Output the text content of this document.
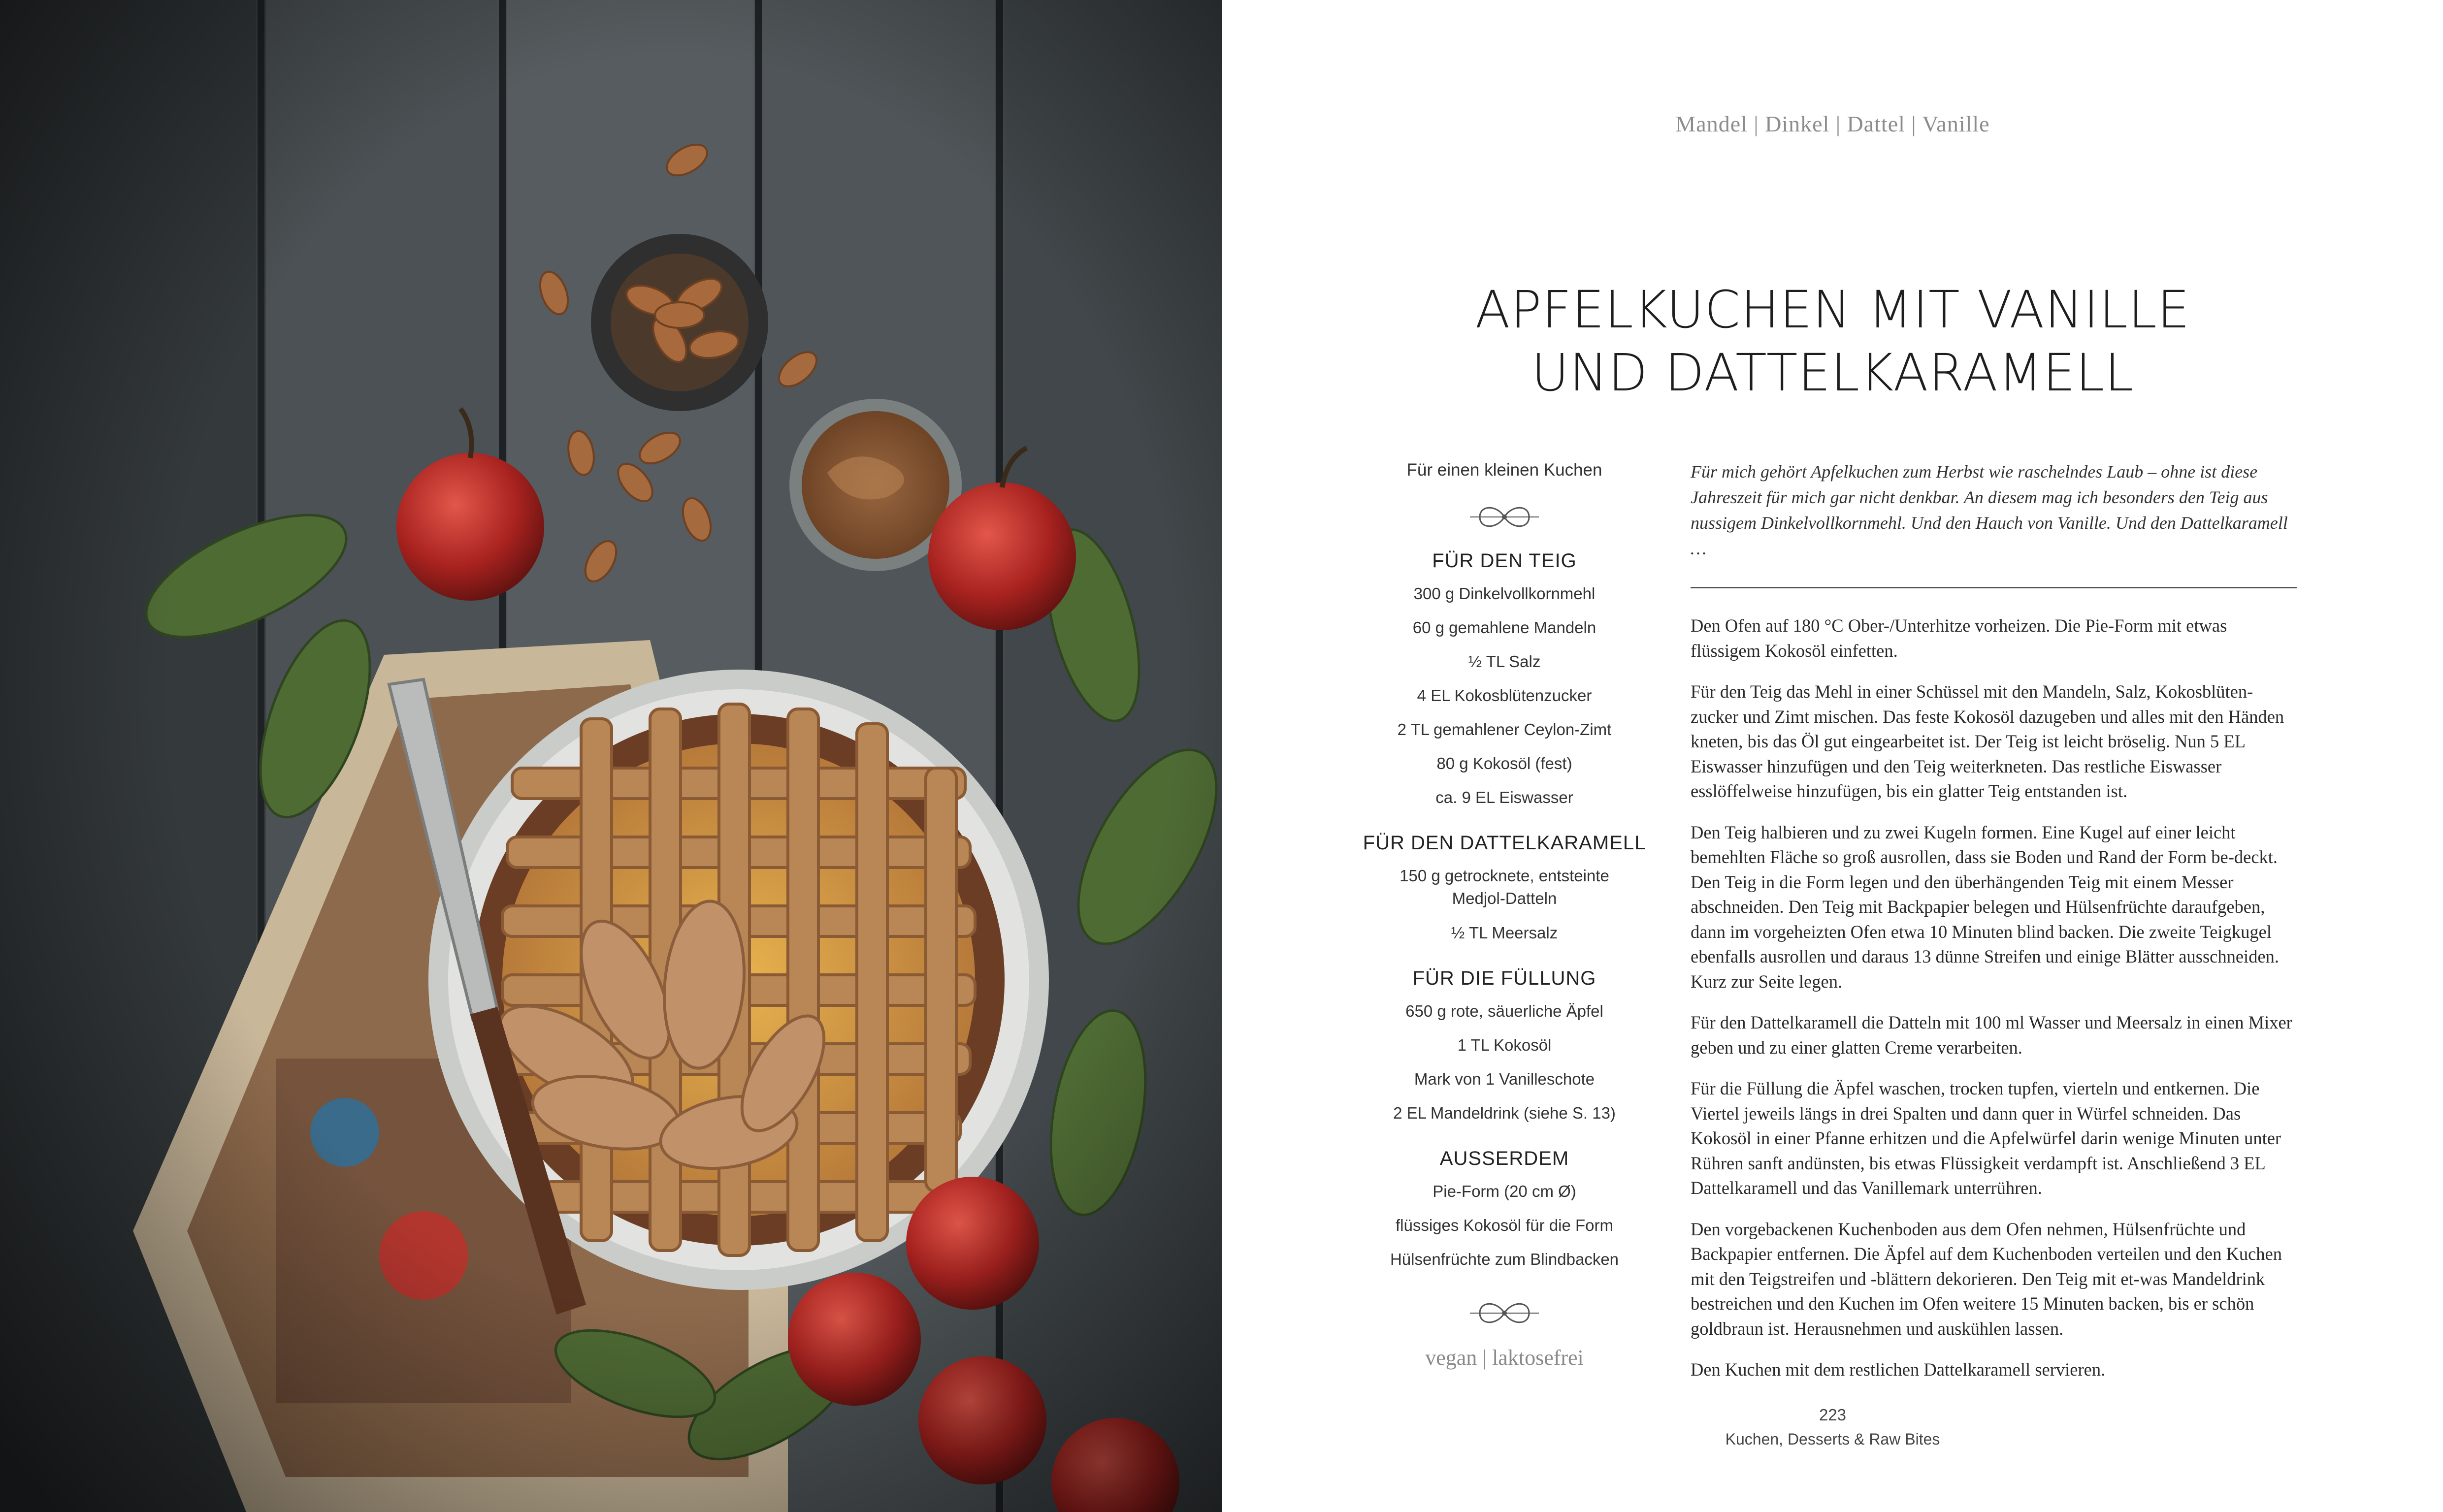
Mandel | Dinkel | Dattel | Vanille
APFELKUCHEN MIT VANILLE
UND DATTELKARAMELL
223
Kuchen, Desserts & Raw Bites
Für einen kleinen Kuchen
FÜR DEN TEIG
300 g Dinkelvollkornmehl
60 g gemahlene Mandeln
½ TL Salz
4 EL Kokosblütenzucker
2 TL gemahlener Ceylon-Zimt
80 g Kokosöl (fest)
ca. 9 EL Eiswasser
FÜR DEN DATTELKARAMELL
150 g getrocknete, entsteinte
Medjol-Datteln
½ TL Meersalz
FÜR DIE FÜLLUNG
650 g rote, säuerliche Äpfel
1 TL Kokosöl
Mark von 1 Vanilleschote
2 EL Mandeldrink (siehe S. 13)
AUSSERDEM
Pie-Form (20 cm Ø)
flüssiges Kokosöl für die Form
Hülsenfrüchte zum Blindbacken
vegan | laktosefrei
Für mich gehört Apfelkuchen zum Herbst wie raschelndes Laub – ohne ist diese Jahreszeit für mich gar nicht denkbar. An diesem mag ich besonders den Teig aus nussigem Dinkelvollkornmehl. Und den Hauch von Vanille. Und den Dattelkaramell …

Den Ofen auf 180 °C Ober-/Unterhitze vorheizen. Die Pie-Form mit etwas flüssigem Kokosöl einfetten.

Für den Teig das Mehl in einer Schüssel mit den Mandeln, Salz, Kokosblüten-zucker und Zimt mischen. Das feste Kokosöl dazugeben und alles mit den Händen kneten, bis das Öl gut eingearbeitet ist. Der Teig ist leicht bröselig. Nun 5 EL Eiswasser hinzufügen und den Teig weiterkneten. Das restliche Eiswasser esslöffelweise hinzufügen, bis ein glatter Teig entstanden ist.

Den Teig halbieren und zu zwei Kugeln formen. Eine Kugel auf einer leicht bemehlten Fläche so groß ausrollen, dass sie Boden und Rand der Form be-deckt. Den Teig in die Form legen und den überhängenden Teig mit einem Messer abschneiden. Den Teig mit Backpapier belegen und Hülsenfrüchte daraufgeben, dann im vorgeheizten Ofen etwa 10 Minuten blind backen. Die zweite Teigkugel ebenfalls ausrollen und daraus 13 dünne Streifen und einige Blätter ausschneiden. Kurz zur Seite legen.

Für den Dattelkaramell die Datteln mit 100 ml Wasser und Meersalz in einen Mixer geben und zu einer glatten Creme verarbeiten.

Für die Füllung die Äpfel waschen, trocken tupfen, vierteln und entkernen. Die Viertel jeweils längs in drei Spalten und dann quer in Würfel schneiden. Das Kokosöl in einer Pfanne erhitzen und die Apfelwürfel darin wenige Minuten unter Rühren sanft andünsten, bis etwas Flüssigkeit verdampft ist. Anschließend 3 EL Dattelkaramell und das Vanillemark unterrühren.

Den vorgebackenen Kuchenboden aus dem Ofen nehmen, Hülsenfrüchte und Backpapier entfernen. Die Äpfel auf dem Kuchenboden verteilen und den Kuchen mit den Teigstreifen und -blättern dekorieren. Den Teig mit et-was Mandeldrink bestreichen und den Kuchen im Ofen weitere 15 Minuten backen, bis er schön goldbraun ist. Herausnehmen und auskühlen lassen.

Den Kuchen mit dem restlichen Dattelkaramell servieren.
